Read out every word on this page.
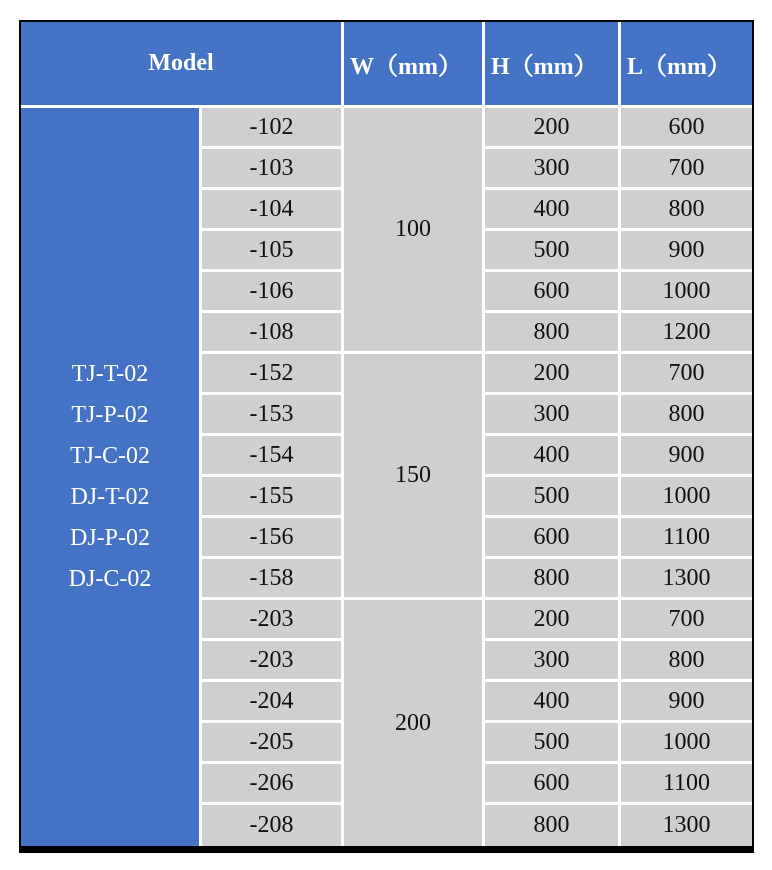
Model		W（mm）	H（mm）	L（mm）

TJ-T-02
TJ-P-02
TJ-C-02
DJ-T-02
DJ-P-02
DJ-C-02
	-102	100	200	600
	-103		300	700
	-104		400	800
	-105		500	900
	-106		600	1000
	-108		800	1200
	-152	150	200	700
	-153		300	800
	-154		400	900
	-155		500	1000
	-156		600	1100
	-158		800	1300
	-203	200	200	700
	-203		300	800
	-204		400	900
	-205		500	1000
	-206		600	1100
	-208		800	1300
